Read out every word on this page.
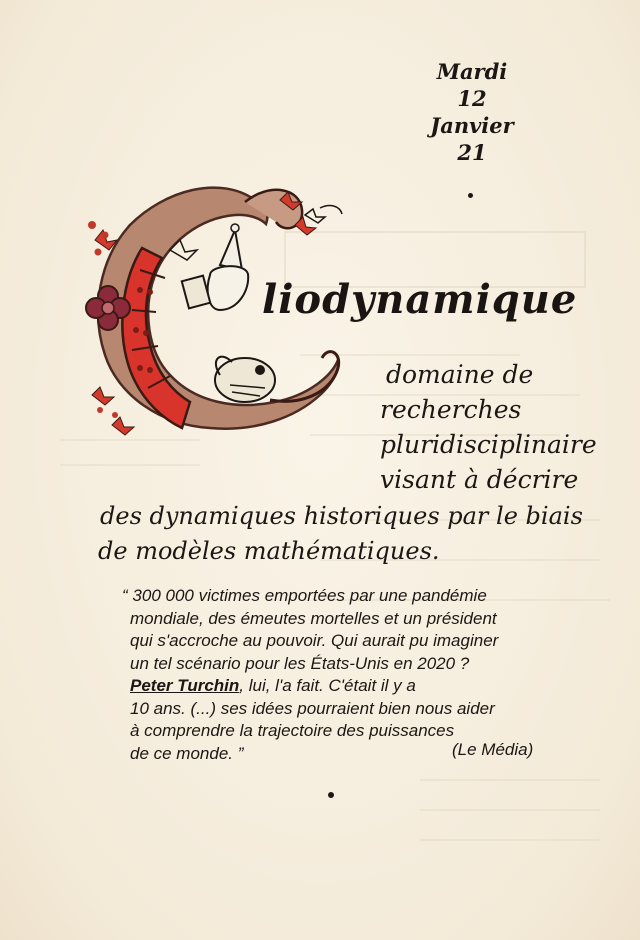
Mardi
12
Janvier
21
liodynamique
domaine de
recherches
pluridisciplinaire
visant à décrire
des dynamiques historiques par le biais
de modèles mathématiques.
“ 300 000 victimes emportées par une pandémie
mondiale, des émeutes mortelles et un président
qui s'accroche au pouvoir. Qui aurait pu imaginer
un tel scénario pour les États-Unis en 2020 ?
Peter Turchin, lui, l'a fait. C'était il y a
10 ans. (...) ses idées pourraient bien nous aider
à comprendre la trajectoire des puissances
de ce monde. ”	(Le Média)
